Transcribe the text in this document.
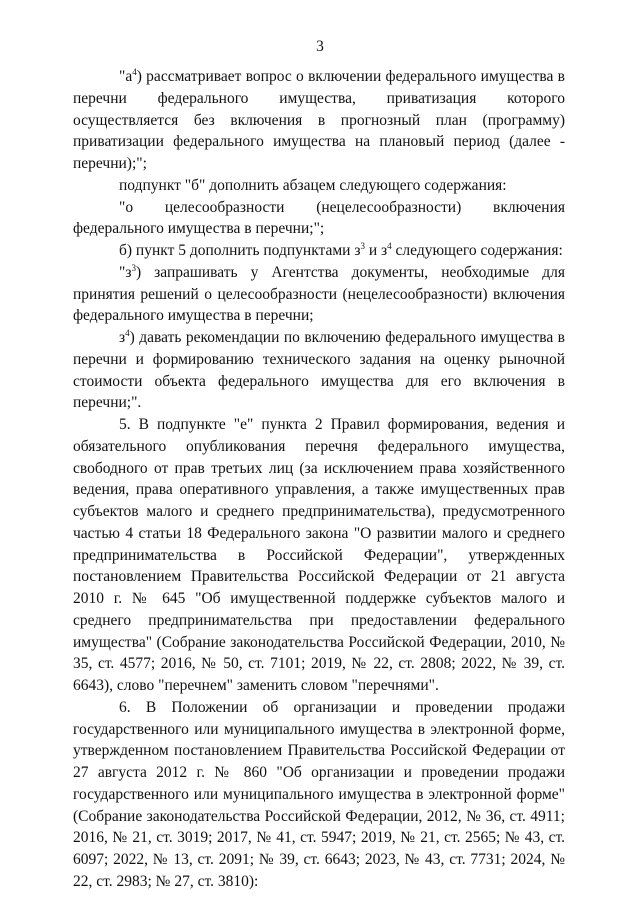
3

"$а^4$) рассматривает вопрос о включении федерального имущества в перечни федерального имущества, приватизация которого осуществляется без включения в прогнозный план (программу) приватизации федерального имущества на плановый период (далее - перечни);";

подпункт "б" дополнить абзацем следующего содержания:

"о целесообразности (нецелесообразности) включения федерального имущества в перечни;";

б) пункт 5 дополнить подпунктами $з^3$ и $з^4$ следующего содержания:

"$з^3$) запрашивать у Агентства документы, необходимые для принятия решений о целесообразности (нецелесообразности) включения федерального имущества в перечни;

$з^4$) давать рекомендации по включению федерального имущества в перечни и формированию технического задания на оценку рыночной стоимости объекта федерального имущества для его включения в перечни;".

5. В подпункте "е" пункта 2 Правил формирования, ведения и обязательного опубликования перечня федерального имущества, свободного от прав третьих лиц (за исключением права хозяйственного ведения, права оперативного управления, а также имущественных прав субъектов малого и среднего предпринимательства), предусмотренного частью 4 статьи 18 Федерального закона "О развитии малого и среднего предпринимательства в Российской Федерации", утвержденных постановлением Правительства Российской Федерации от 21 августа 2010 г. № 645 "Об имущественной поддержке субъектов малого и среднего предпринимательства при предоставлении федерального имущества" (Собрание законодательства Российской Федерации, 2010, № 35, ст. 4577; 2016, № 50, ст. 7101; 2019, № 22, ст. 2808; 2022, № 39, ст. 6643), слово "перечнем" заменить словом "перечнями".

6. В Положении об организации и проведении продажи государственного или муниципального имущества в электронной форме, утвержденном постановлением Правительства Российской Федерации от 27 августа 2012 г. № 860 "Об организации и проведении продажи государственного или муниципального имущества в электронной форме" (Собрание законодательства Российской Федерации, 2012, № 36, ст. 4911; 2016, № 21, ст. 3019; 2017, № 41, ст. 5947; 2019, № 21, ст. 2565; № 43, ст. 6097; 2022, № 13, ст. 2091; № 39, ст. 6643; 2023, № 43, ст. 7731; 2024, № 22, ст. 2983; № 27, ст. 3810):
